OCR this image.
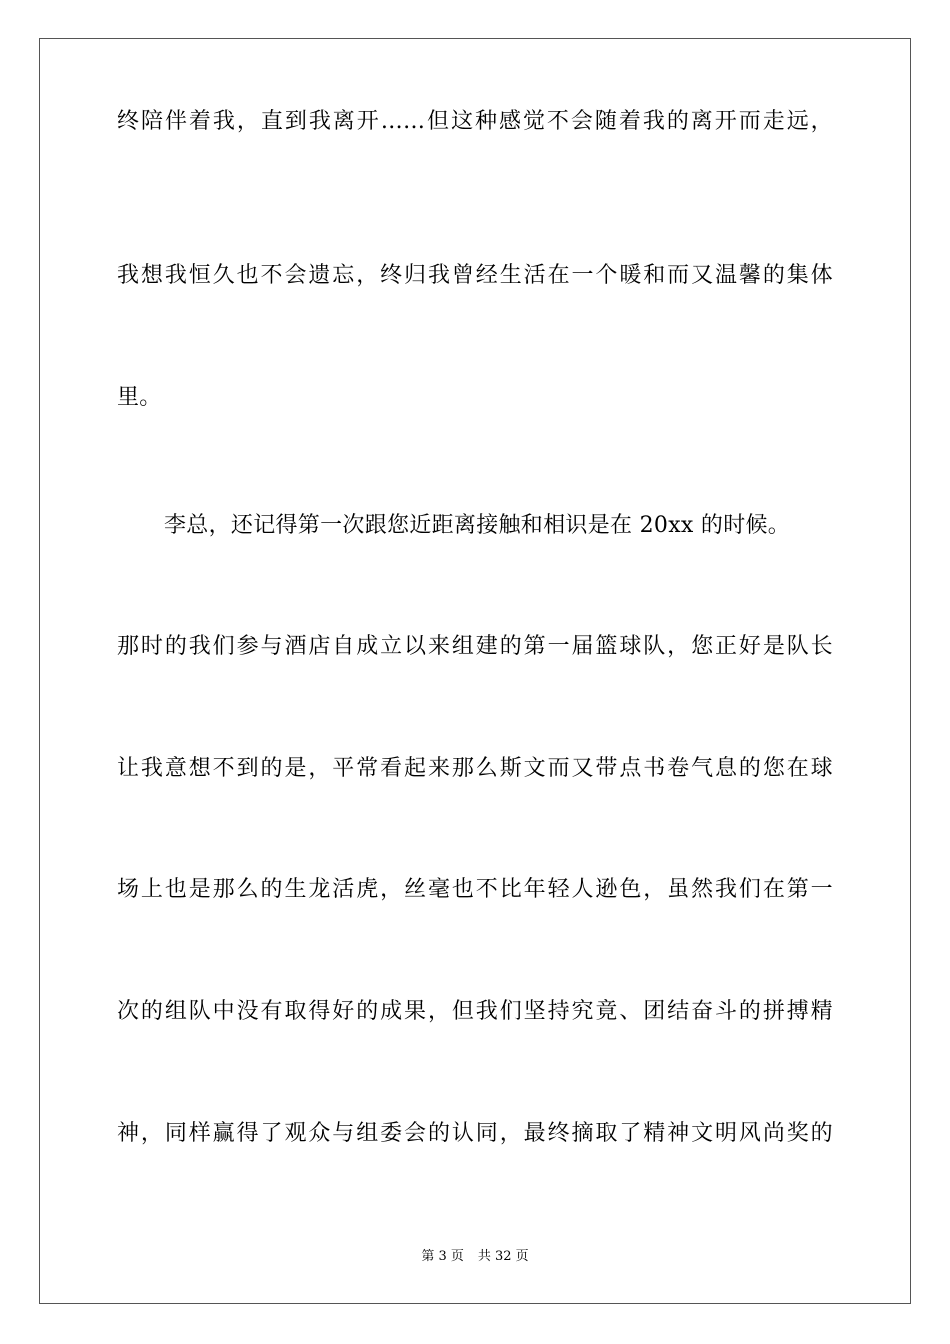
终陪伴着我，直到我离开……但这种感觉不会随着我的离开而走远，
我想我恒久也不会遗忘，终归我曾经生活在一个暖和而又温馨的集体
里。
李总，还记得第一次跟您近距离接触和相识是在 20xx 的时候。
那时的我们参与酒店自成立以来组建的第一届篮球队，您正好是队长
让我意想不到的是，平常看起来那么斯文而又带点书卷气息的您在球
场上也是那么的生龙活虎，丝毫也不比年轻人逊色，虽然我们在第一
次的组队中没有取得好的成果，但我们坚持究竟、团结奋斗的拼搏精
神，同样赢得了观众与组委会的认同，最终摘取了精神文明风尚奖的
第 3 页 共 32 页
